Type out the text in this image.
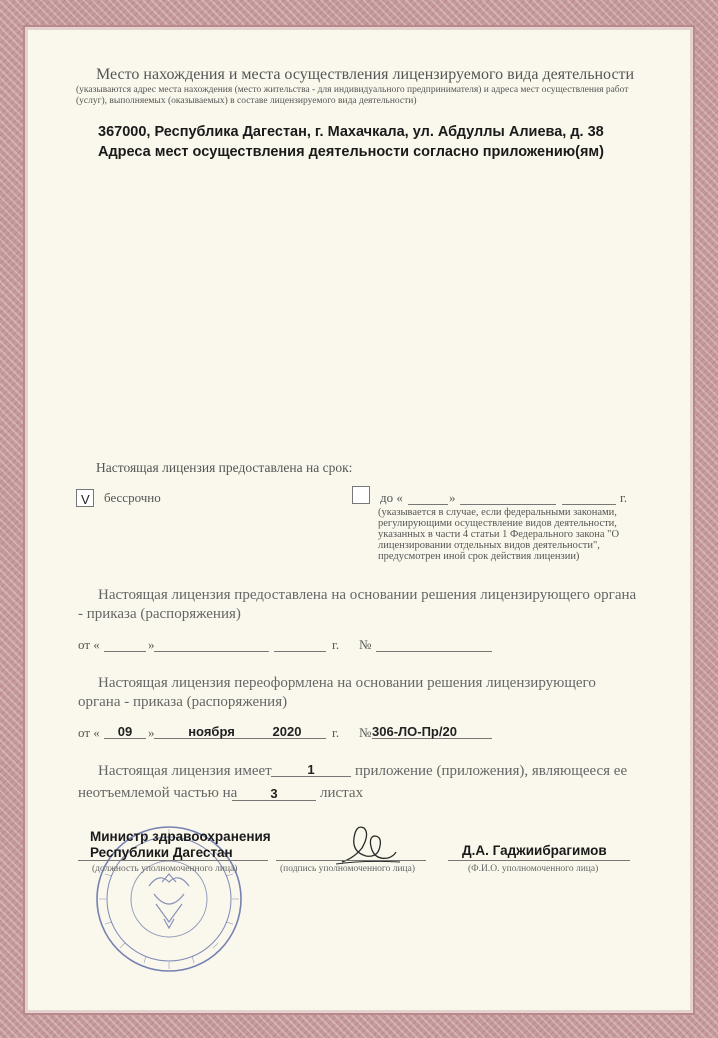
Место нахождения и места осуществления лицензируемого вида деятельности
(указываются адрес места нахождения (место жительства - для индивидуального предпринимателя) и адреса мест осуществления работ (услуг), выполняемых (оказываемых) в составе лицензируемого вида деятельности)
367000, Республика Дагестан, г. Махачкала, ул. Абдуллы Алиева, д. 38
Адреса мест осуществления деятельности согласно приложению(ям)
Настоящая лицензия предоставлена на срок:
V бессрочно	до «	»	г.
(указывается в случае, если федеральными законами, регулирующими осуществление видов деятельности, указанных в части 4 статьи 1 Федерального закона "О лицензировании отдельных видов деятельности", предусмотрен иной срок действия лицензии)
Настоящая лицензия предоставлена на основании решения лицензирующего органа - приказа (распоряжения)
от «	»	г. №
Настоящая лицензия переоформлена на основании решения лицензирующего органа - приказа (распоряжения)
от «	09	»	ноября	2020	г. № 306-ЛО-Пр/20
Настоящая лицензия имеет	1	приложение (приложения), являющееся ее
неотъемлемой частью на	3	листах
Министр здравоохранения
Республики Дагестан
(должность уполномоченного лица)	(подпись уполномоченного лица)
Д.А. Гаджиибрагимов
(Ф.И.О. уполномоченного лица)
